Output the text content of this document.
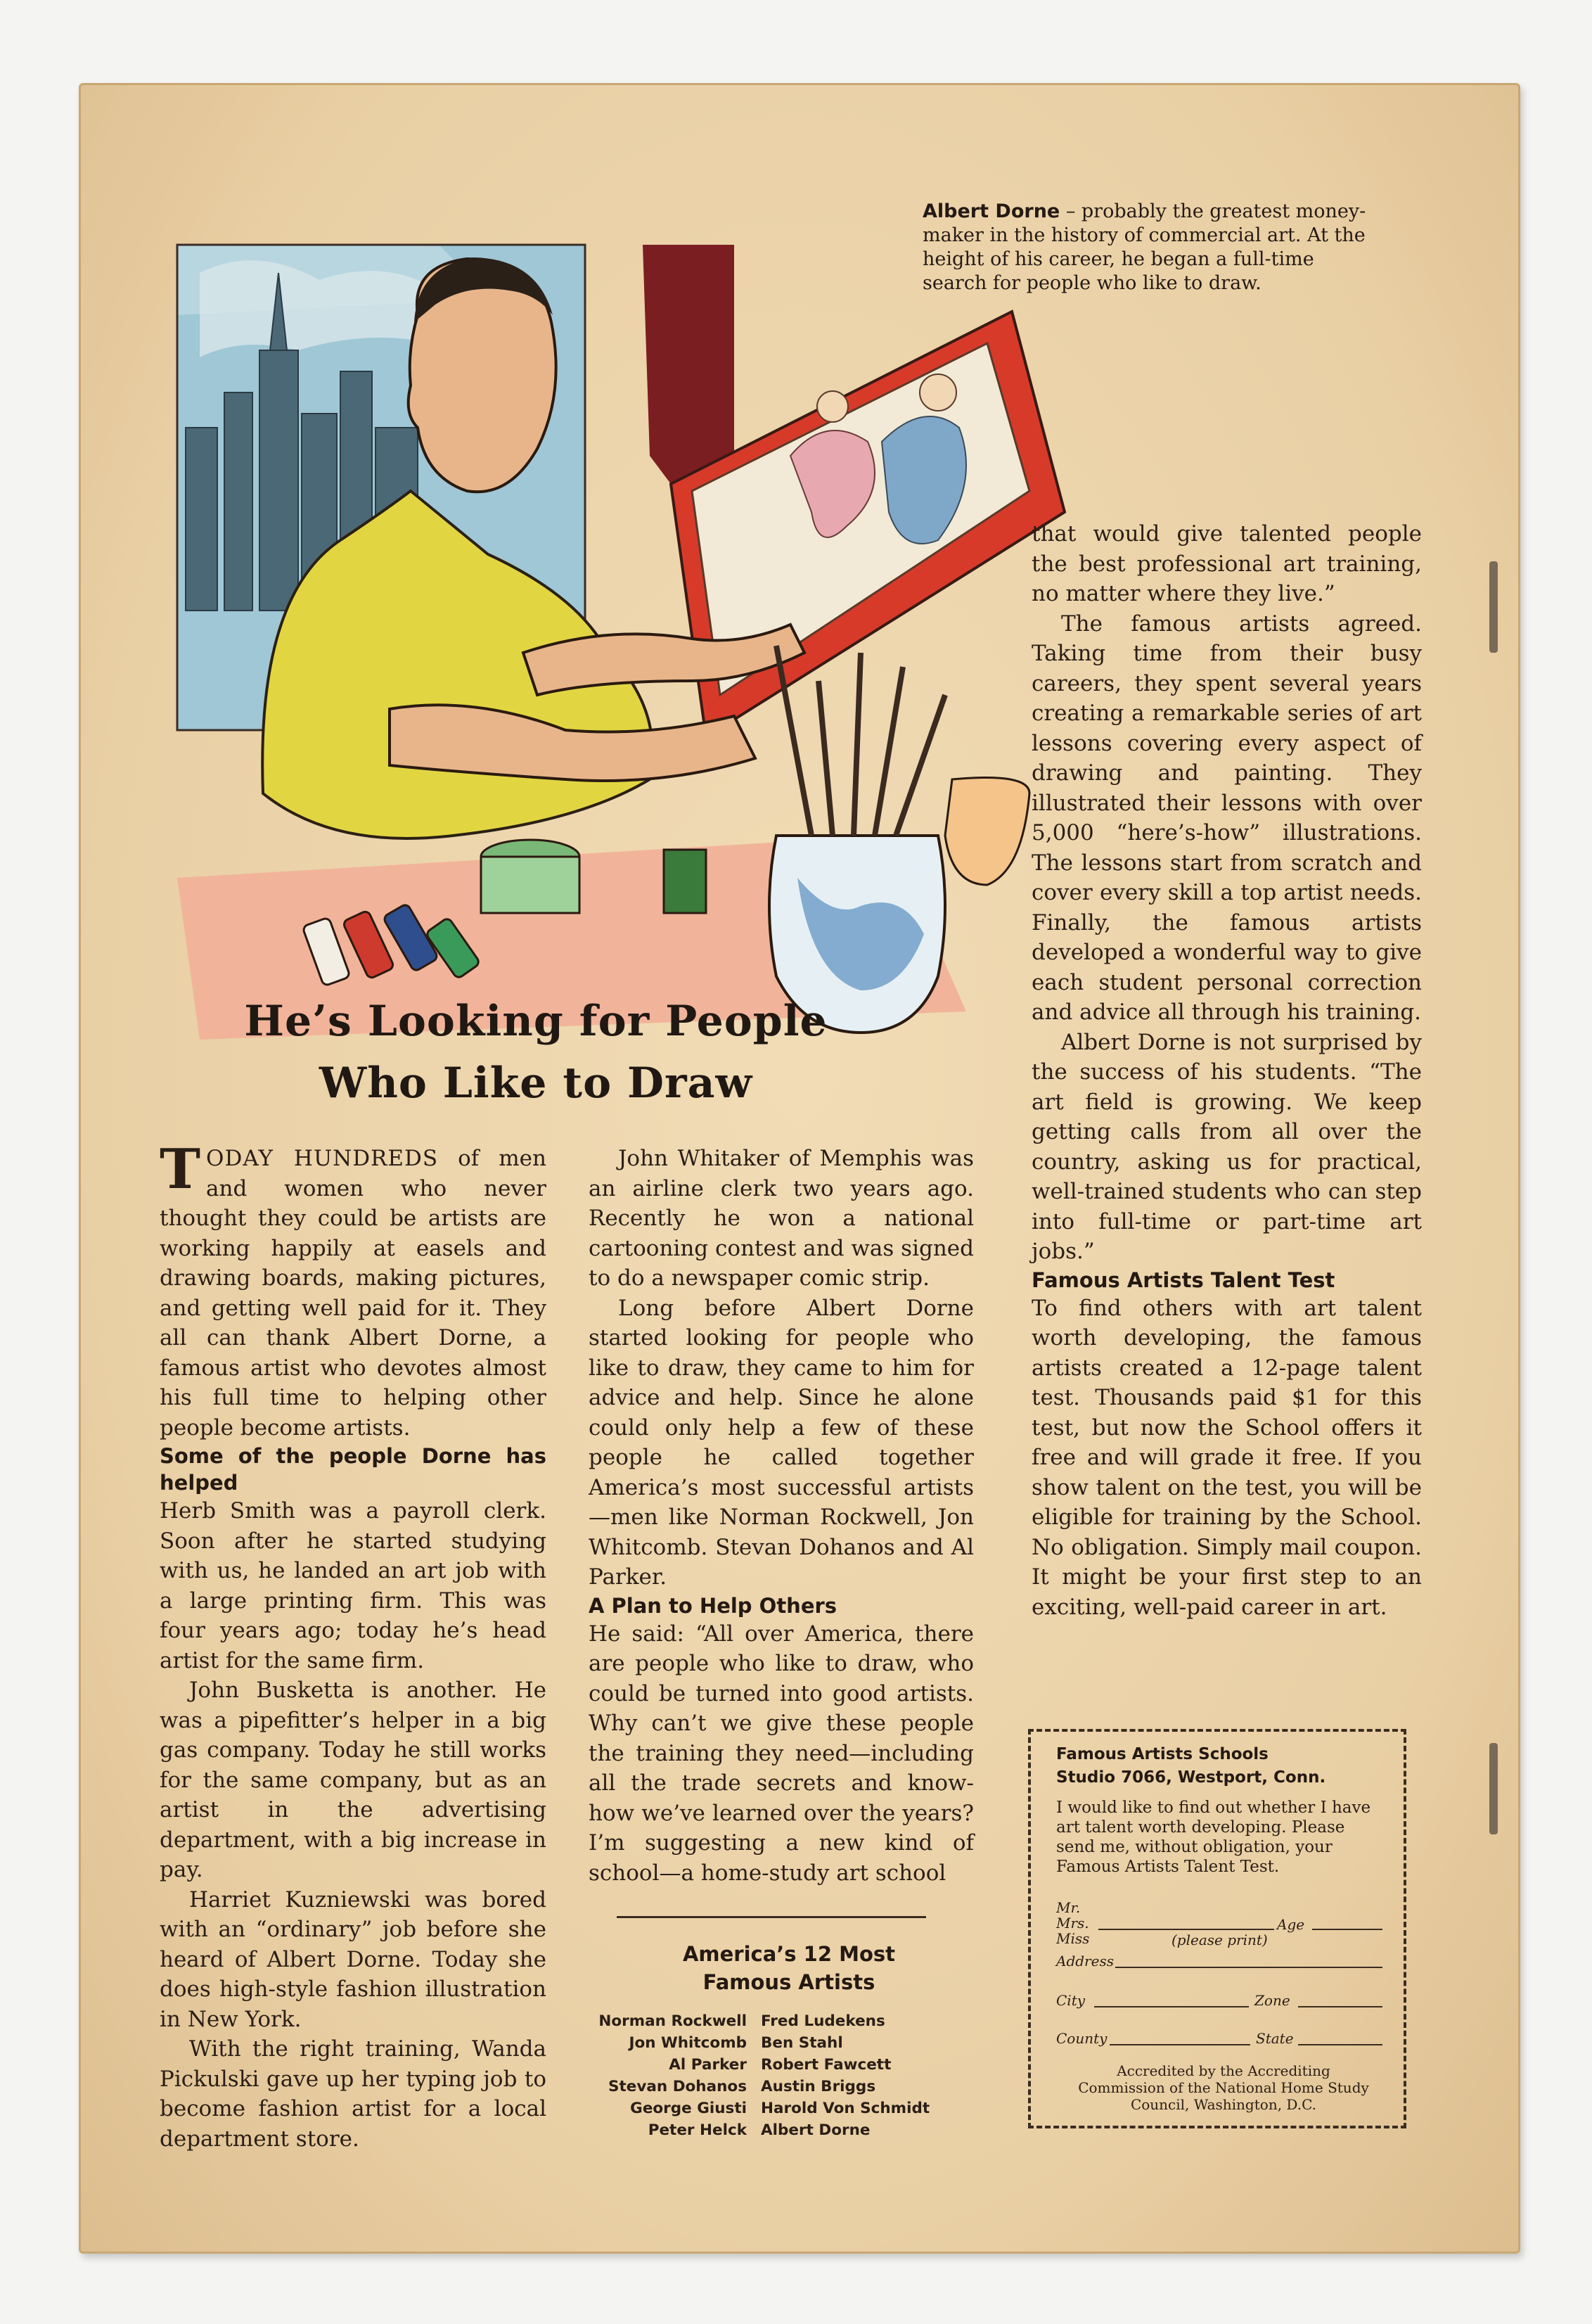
Albert Dorne – probably the greatest money-maker in the history of commercial art. At the height of his career, he began a full-time search for people who like to draw.
He’s Looking for People
Who Like to Draw

TODAY HUNDREDS of men and women who never thought they could be artists are working happily at easels and drawing boards, making pictures, and getting well paid for it. They all can thank Albert Dorne, a famous artist who devotes almost his full time to helping other people become artists.

Some of the people Dorne has helped

Herb Smith was a payroll clerk. Soon after he started studying with us, he landed an art job with a large printing firm. This was four years ago; today he’s head artist for the same firm.

John Busketta is another. He was a pipefitter’s helper in a big gas company. Today he still works for the same company, but as an artist in the advertising department, with a big increase in pay.

Harriet Kuzniewski was bored with an “ordinary” job before she heard of Albert Dorne. Today she does high-style fashion illustration in New York.

With the right training, Wanda Pickulski gave up her typing job to become fashion artist for a local department store.

John Whitaker of Memphis was an airline clerk two years ago. Recently he won a national cartooning contest and was signed to do a newspaper comic strip.

Long before Albert Dorne started looking for people who like to draw, they came to him for advice and help. Since he alone could only help a few of these people he called together America’s most successful artists —men like Norman Rockwell, Jon Whitcomb. Stevan Dohanos and Al Parker.

A Plan to Help Others

He said: “All over America, there are people who like to draw, who could be turned into good artists. Why can’t we give these people the training they need—including all the trade secrets and know-how we’ve learned over the years? I’m suggesting a new kind of school—a home-study art school

America’s 12 Most
Famous Artists
Norman Rockwell
Jon Whitcomb
Al Parker
Stevan Dohanos
George Giusti
Peter Helck
Fred Ludekens
Ben Stahl
Robert Fawcett
Austin Briggs
Harold Von Schmidt
Albert Dorne

that would give talented people the best professional art training, no matter where they live.”

The famous artists agreed. Taking time from their busy careers, they spent several years creating a remarkable series of art lessons covering every aspect of drawing and painting. They illustrated their lessons with over 5,000 “here’s-how” illustrations. The lessons start from scratch and cover every skill a top artist needs. Finally, the famous artists developed a wonderful way to give each student personal correction and advice all through his training.

Albert Dorne is not surprised by the success of his students. “The art field is growing. We keep getting calls from all over the country, asking us for practical, well-trained students who can step into full-time or part-time art jobs.”

Famous Artists Talent Test

To find others with art talent worth developing, the famous artists created a 12-page talent test. Thousands paid $1 for this test, but now the School offers it free and will grade it free. If you show talent on the test, you will be eligible for training by the School. No obligation. Simply mail coupon. It might be your first step to an exciting, well-paid career in art.

Famous Artists Schools
Studio 7066, Westport, Conn.
I would like to find out whether I have art talent worth developing. Please send me, without obligation, your Famous Artists Talent Test.
Mr.
Mrs.
Miss
Age
(please print)
Address
City	Zone
County	State
Accredited by the Accrediting Commission of the National Home Study Council, Washington, D.C.
